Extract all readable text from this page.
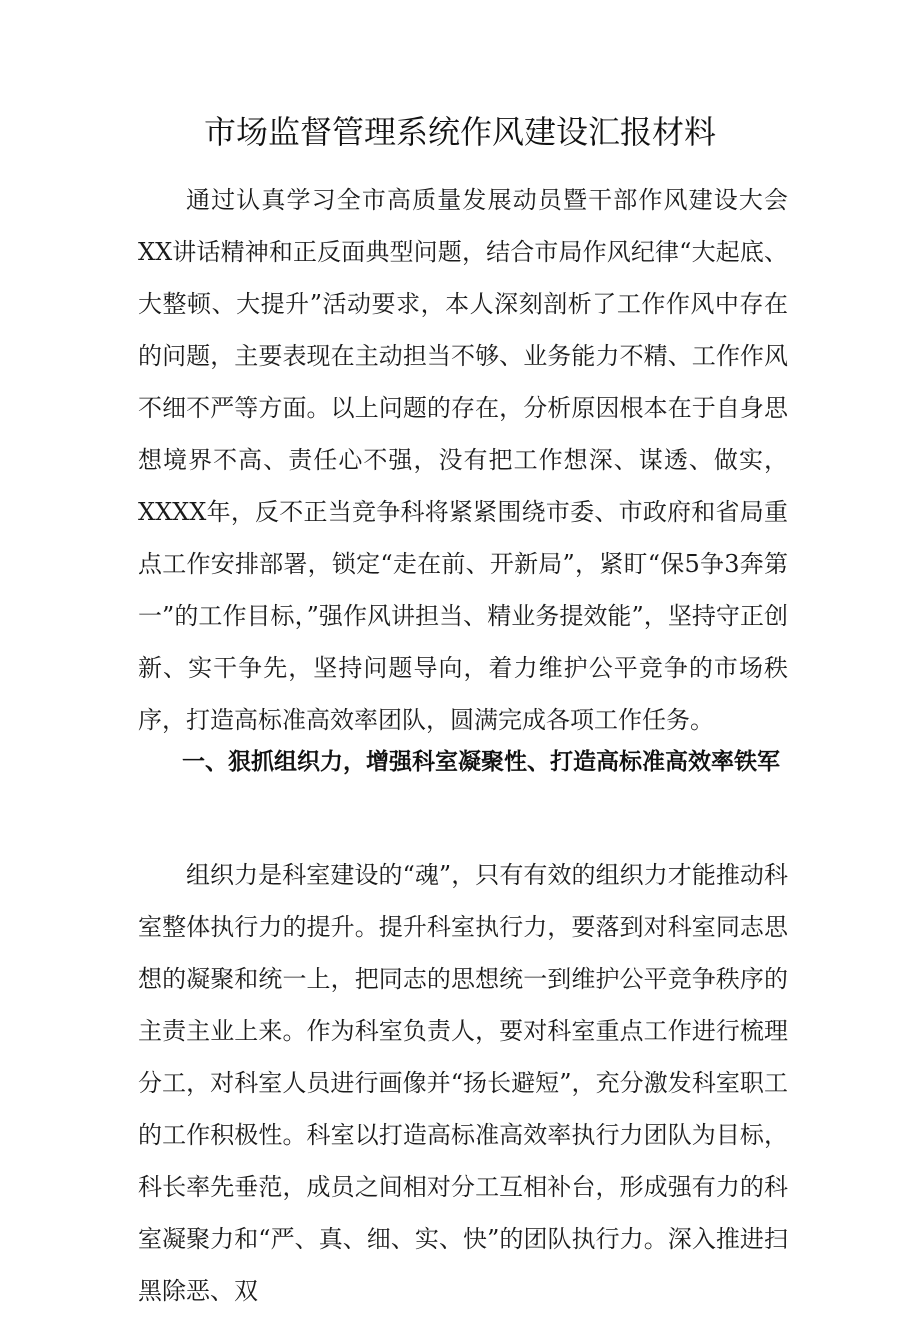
市场监督管理系统作风建设汇报材料

通过认真学习全市高质量发展动员暨干部作风建设大会XX讲话精神和正反面典型问题，结合市局作风纪律“大起底、大整顿、大提升”活动要求，本人深刻剖析了工作作风中存在的问题，主要表现在主动担当不够、业务能力不精、工作作风不细不严等方面。以上问题的存在，分析原因根本在于自身思想境界不高、责任心不强，没有把工作想深、谋透、做实，XXXX年，反不正当竞争科将紧紧围绕市委、市政府和省局重点工作安排部署，锁定“走在前、开新局”，紧盯“保5争3奔第一”的工作目标，”强作风讲担当、精业务提效能”，坚持守正创新、实干争先，坚持问题导向，着力维护公平竞争的市场秩序，打造高标准高效率团队，圆满完成各项工作任务。

一、狠抓组织力，增强科室凝聚性、打造高标准高效率铁军

组织力是科室建设的“魂”，只有有效的组织力才能推动科室整体执行力的提升。提升科室执行力，要落到对科室同志思想的凝聚和统一上，把同志的思想统一到维护公平竞争秩序的主责主业上来。作为科室负责人，要对科室重点工作进行梳理分工，对科室人员进行画像并“扬长避短”，充分激发科室职工的工作积极性。科室以打造高标准高效率执行力团队为目标，科长率先垂范，成员之间相对分工互相补台，形成强有力的科室凝聚力和“严、真、细、实、快”的团队执行力。深入推进扫黑除恶、双
